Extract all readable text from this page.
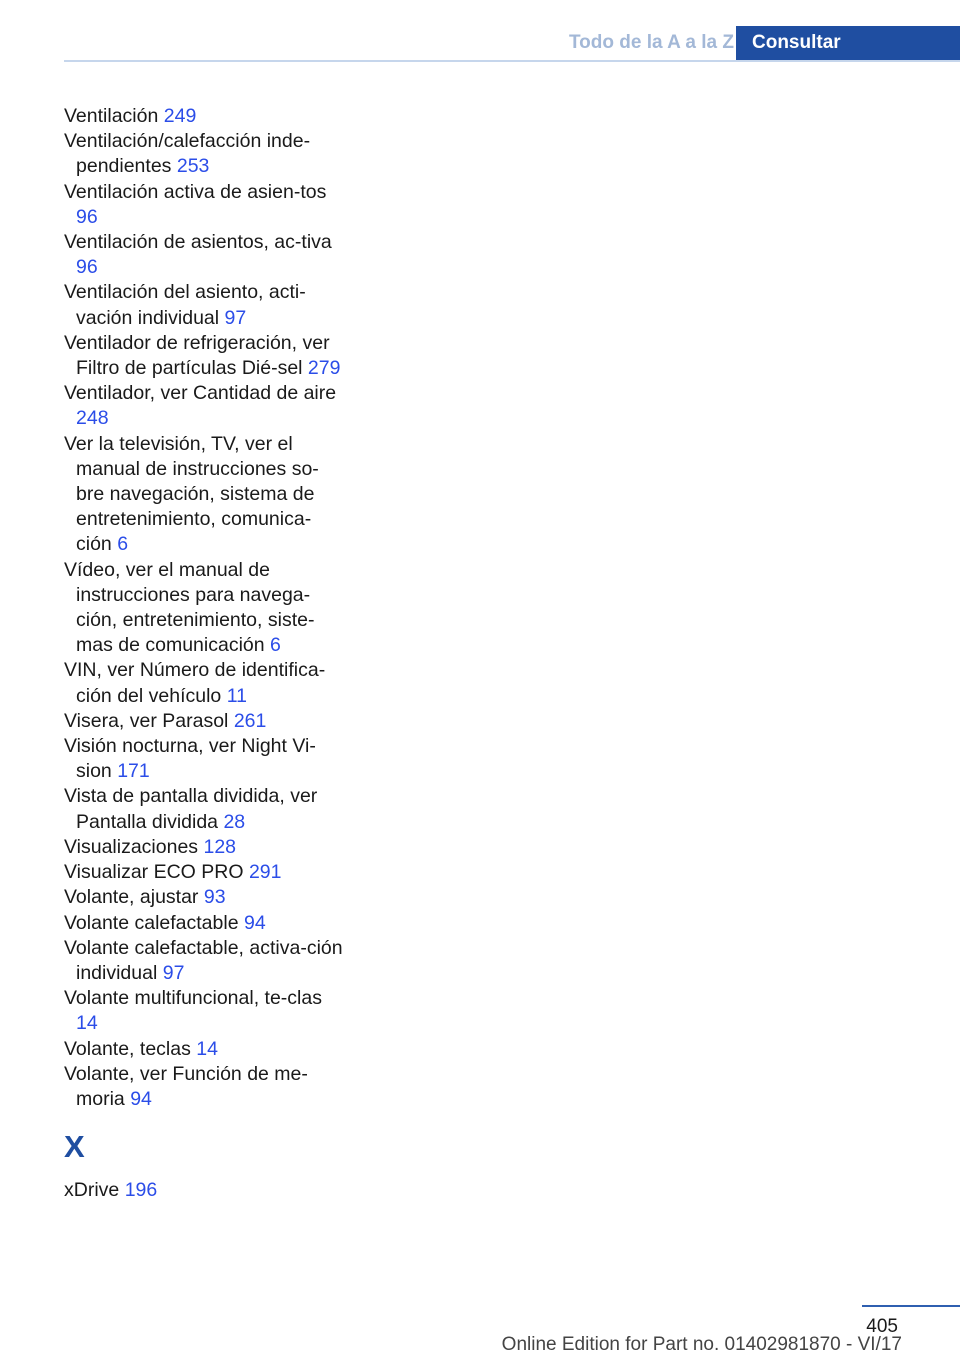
Todo de la A a la Z Consultar

Ventilación 249

Ventilación/calefacción inde‐pendientes 253

Ventilación activa de asien‐tos 96

Ventilación de asientos, ac‐tiva 96

Ventilación del asiento, acti‐vación individual 97

Ventilador de refrigeración, ver Filtro de partículas Dié‐sel 279

Ventilador, ver Cantidad de aire 248

Ver la televisión, TV, ver el manual de instrucciones so‐bre navegación, sistema de entretenimiento, comunica‐ción 6

Vídeo, ver el manual de instrucciones para navega‐ción, entretenimiento, siste‐mas de comunicación 6

VIN, ver Número de identifica‐ción del vehículo 11

Visera, ver Parasol 261

Visión nocturna, ver Night Vi‐sion 171

Vista de pantalla dividida, ver Pantalla dividida 28

Visualizaciones 128

Visualizar ECO PRO 291

Volante, ajustar 93

Volante calefactable 94

Volante calefactable, activa‐ción individual 97

Volante multifuncional, te‐clas 14

Volante, teclas 14

Volante, ver Función de me‐moria 94

X

xDrive 196

405
Online Edition for Part no. 01402981870 - VI/17
